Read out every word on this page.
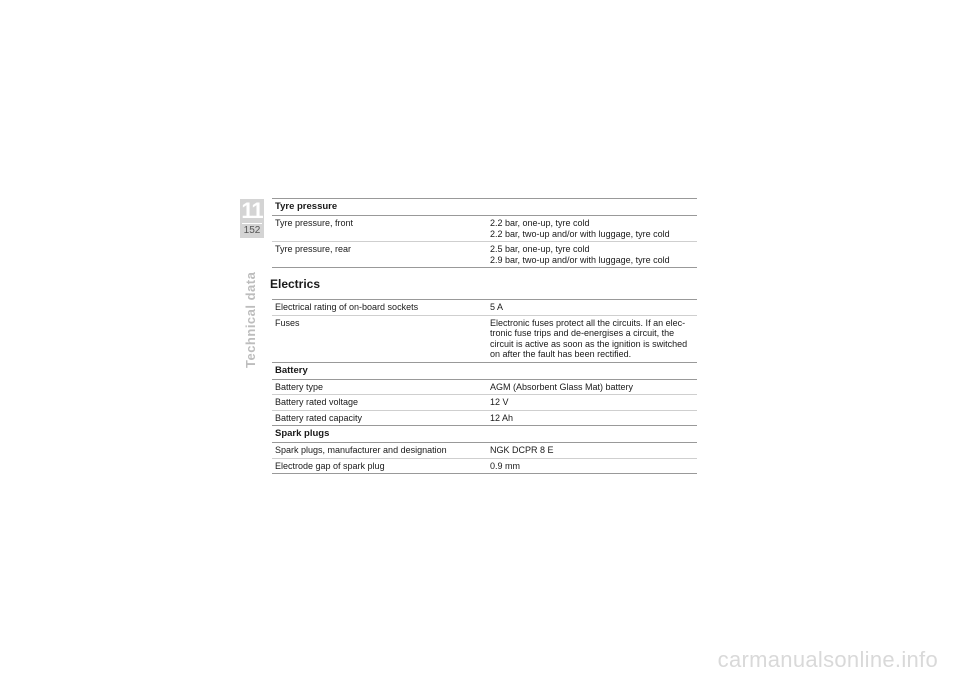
11
152
Technical data
Tyre pressure
Tyre pressure, front	2.2 bar, one-up, tyre cold
2.2 bar, two-up and/or with luggage, tyre cold
Tyre pressure, rear	2.5 bar, one-up, tyre cold
2.9 bar, two-up and/or with luggage, tyre cold
Electrics
Electrical rating of on-board sockets	5 A
Fuses	Electronic fuses protect all the circuits. If an elec-
tronic fuse trips and de-energises a circuit, the
circuit is active as soon as the ignition is switched
on after the fault has been rectified.
Battery
Battery type	AGM (Absorbent Glass Mat) battery
Battery rated voltage	12 V
Battery rated capacity	12 Ah
Spark plugs
Spark plugs, manufacturer and designation	NGK DCPR 8 E
Electrode gap of spark plug	0.9 mm
carmanualsonline.info
